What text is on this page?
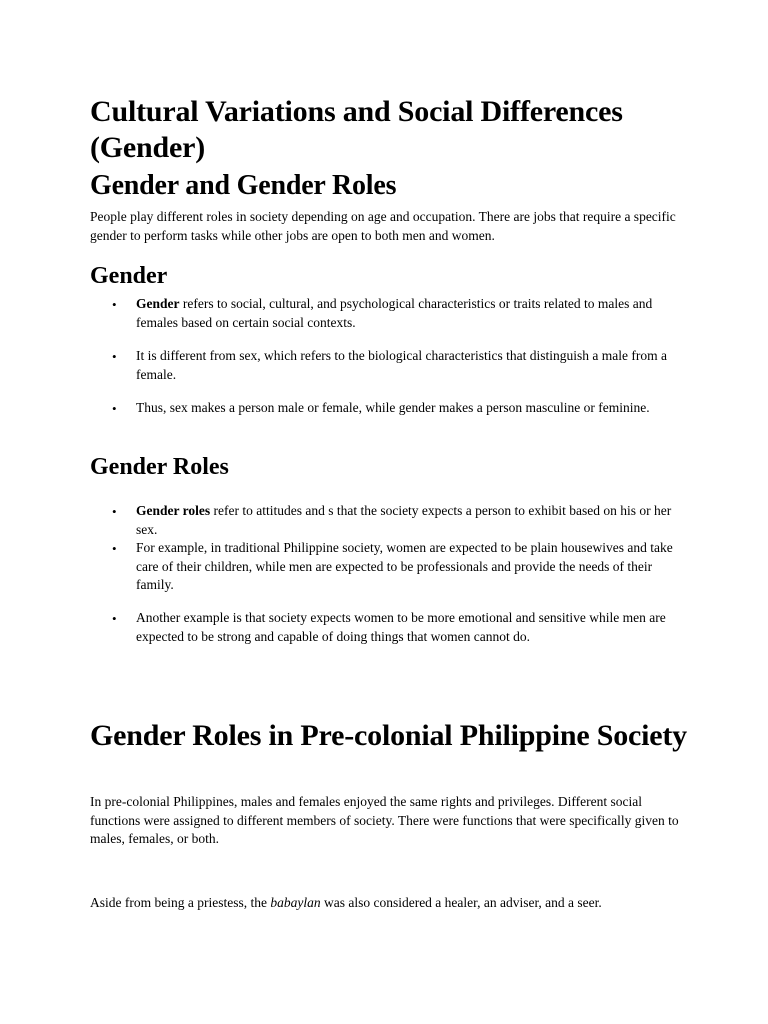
Cultural Variations and Social Differences (Gender)
Gender and Gender Roles

People play different roles in society depending on age and occupation. There are jobs that require a specific gender to perform tasks while other jobs are open to both men and women.

Gender
• Gender refers to social, cultural, and psychological characteristics or traits related to males and females based on certain social contexts.

• It is different from sex, which refers to the biological characteristics that distinguish a male from a female.

• Thus, sex makes a person male or female, while gender makes a person masculine or feminine.

Gender Roles
• Gender roles refer to attitudes and s that the society expects a person to exhibit based on his or her sex.

• For example, in traditional Philippine society, women are expected to be plain housewives and take care of their children, while men are expected to be professionals and provide the needs of their family.

• Another example is that society expects women to be more emotional and sensitive while men are expected to be strong and capable of doing things that women cannot do.

Gender Roles in Pre-colonial Philippine Society

In pre-colonial Philippines, males and females enjoyed the same rights and privileges. Different social functions were assigned to different members of society. There were functions that were specifically given to males, females, or both.

Aside from being a priestess, the babaylan was also considered a healer, an adviser, and a seer.
